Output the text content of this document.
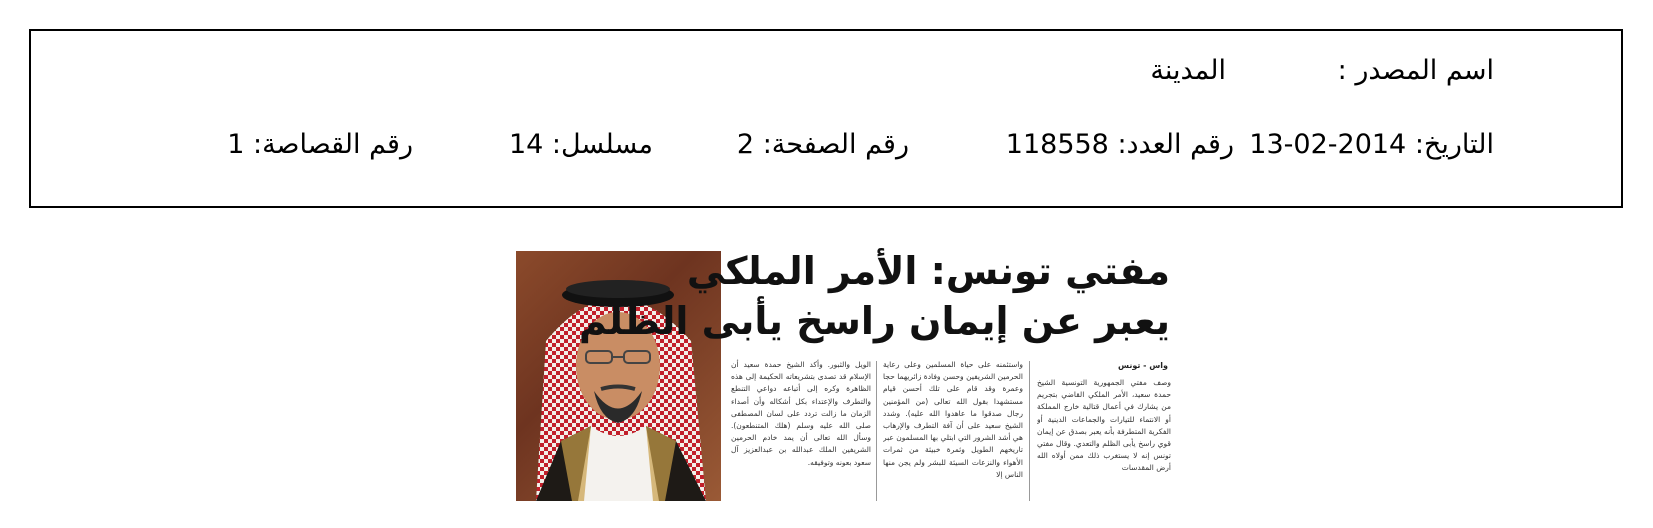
اسم المصدر :
المدينة
التاريخ: 2014-02-13
رقم العدد: 118558
رقم الصفحة: 2
مسلسل: 14
رقم القصاصة: 1
مفتي تونس: الأمر الملكي
يعبر عن إيمان راسخ يأبى الظلم
واس - تونس

وصف مفتي الجمهورية التونسية الشيخ حمدة سعيد، الأمر الملكي القاضي بتجريم من يشارك في أعمال قتالية خارج المملكة أو الانتماء للتيارات والجماعات الدينية أو الفكرية المتطرفة بأنه يعبر بصدق عن إيمان قوي راسخ يأبى الظلم والتعدي. وقال مفتي تونس إنه لا يستغرب ذلك ممن أولاه الله أرض المقدسات

واستئمنه على حياة المسلمين وعلى رعاية الحرمين الشريفين وحسن وفادة زائريهما حجا وعمرة وقد قام على تلك أحسن قيام مستشهدا بقول الله تعالى (من المؤمنين رجال صدقوا ما عاهدوا الله عليه). وشدد الشيخ سعيد على أن آفة التطرف والإرهاب هي أشد الشرور التي ابتلي بها المسلمون عبر تاريخهم الطويل وثمرة خبيثة من ثمرات الأهواء والنزعات السيئة للبشر ولم يجن منها الناس إلا

الويل والثبور. وأكد الشيخ حمدة سعيد أن الإسلام قد تصدى بتشريعاته الحكيمة إلى هذه الظاهرة وكره إلى أتباعه دواعي التنطع والتطرف والإعتداء بكل أشكاله وأن أصداء الزمان ما زالت تردد على لسان المصطفى صلى الله عليه وسلم (هلك المتنطعون). وسأل الله تعالى أن يمد خادم الحرمين الشريفين الملك عبدالله بن عبدالعزيز آل سعود بعونه وتوفيقه.
